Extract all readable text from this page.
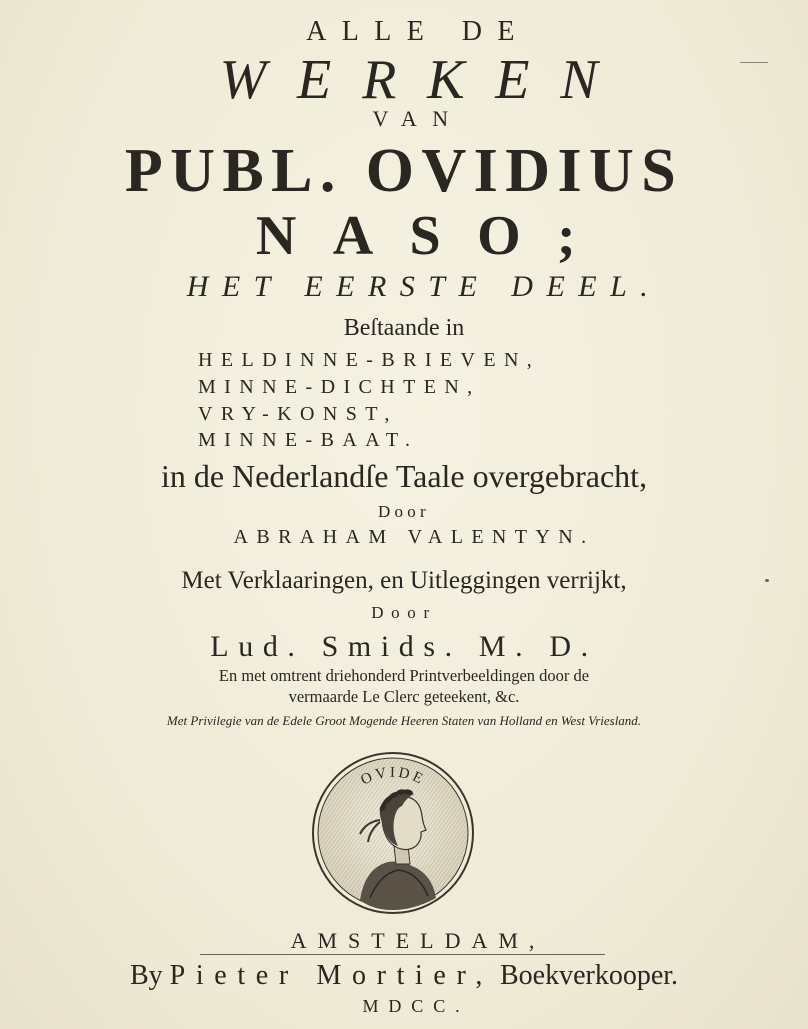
ALLE DE
WERKEN
VAN
PUBL. OVIDIUS
NASO;
HET EERSTE DEEL.
Beſtaande in
HELDINNE-BRIEVEN,
MINNE-DICHTEN,
VRY-KONST,
MINNE-BAAT.
in de Nederlandſe Taale overgebracht,
Door
ABRAHAM VALENTYN.
Met Verklaaringen, en Uitleggingen verrijkt,
Door
Lud. Smids. M. D.
En met omtrent driehonderd Printverbeeldingen door de
vermaarde Le Clerc geteekent, &c.
Met Privilegie van de Edele Groot Mogende Heeren Staten van Holland en West Vriesland.
OVIDE
AMSTELDAM,
By Pieter Mortier, Boekverkooper.
MDCC.
